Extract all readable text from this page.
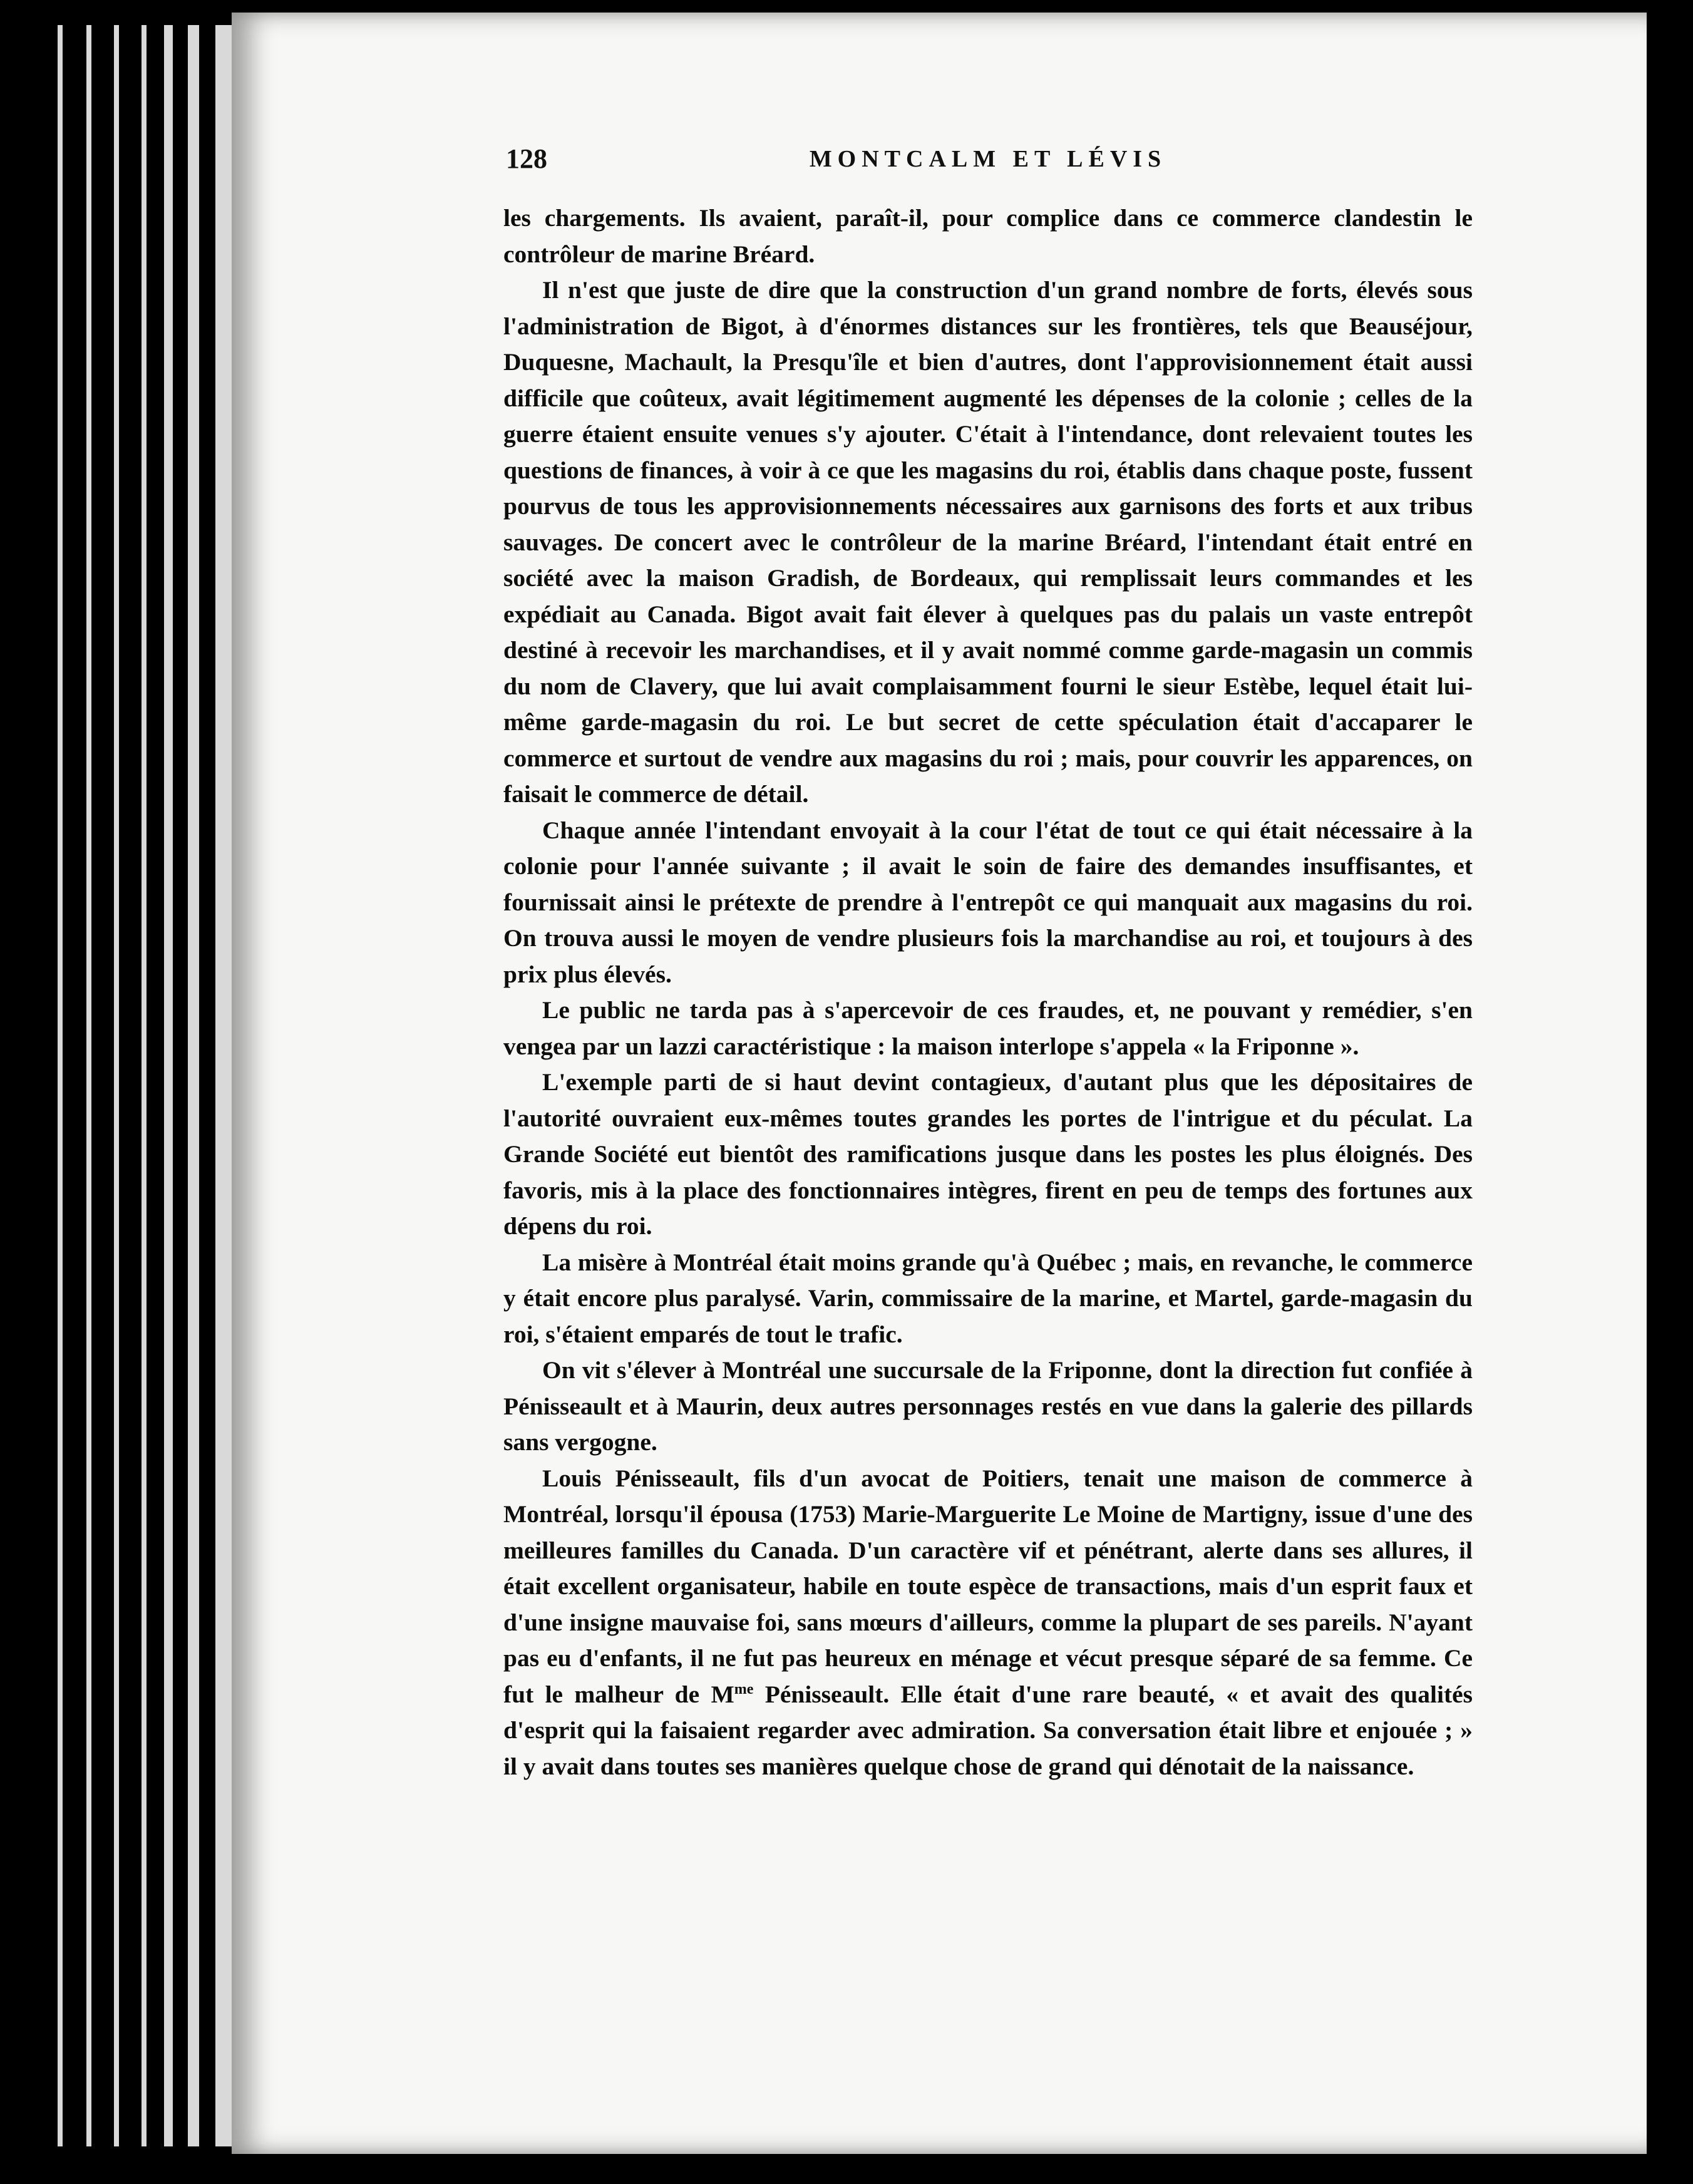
128	MONTCALM ET LÉVIS

les chargements. Ils avaient, paraît-il, pour complice dans ce commerce clandestin le contrôleur de marine Bréard.

Il n'est que juste de dire que la construction d'un grand nombre de forts, élevés sous l'administration de Bigot, à d'énormes distances sur les frontières, tels que Beauséjour, Duquesne, Machault, la Presqu'île et bien d'autres, dont l'approvisionnement était aussi difficile que coûteux, avait légitimement augmenté les dépenses de la colonie ; celles de la guerre étaient ensuite venues s'y ajouter. C'était à l'intendance, dont relevaient toutes les questions de finances, à voir à ce que les magasins du roi, établis dans chaque poste, fussent pourvus de tous les approvisionnements nécessaires aux garnisons des forts et aux tribus sauvages. De concert avec le contrôleur de la marine Bréard, l'intendant était entré en société avec la maison Gradish, de Bordeaux, qui remplissait leurs commandes et les expédiait au Canada. Bigot avait fait élever à quelques pas du palais un vaste entrepôt destiné à recevoir les marchandises, et il y avait nommé comme garde-magasin un commis du nom de Clavery, que lui avait complaisamment fourni le sieur Estèbe, lequel était lui-même garde-magasin du roi. Le but secret de cette spéculation était d'accaparer le commerce et surtout de vendre aux magasins du roi ; mais, pour couvrir les apparences, on faisait le commerce de détail.

Chaque année l'intendant envoyait à la cour l'état de tout ce qui était nécessaire à la colonie pour l'année suivante ; il avait le soin de faire des demandes insuffisantes, et fournissait ainsi le prétexte de prendre à l'entrepôt ce qui manquait aux magasins du roi. On trouva aussi le moyen de vendre plusieurs fois la marchandise au roi, et toujours à des prix plus élevés.

Le public ne tarda pas à s'apercevoir de ces fraudes, et, ne pouvant y remédier, s'en vengea par un lazzi caractéristique : la maison interlope s'appela « la Friponne ».

L'exemple parti de si haut devint contagieux, d'autant plus que les dépositaires de l'autorité ouvraient eux-mêmes toutes grandes les portes de l'intrigue et du péculat. La Grande Société eut bientôt des ramifications jusque dans les postes les plus éloignés. Des favoris, mis à la place des fonctionnaires intègres, firent en peu de temps des fortunes aux dépens du roi.

La misère à Montréal était moins grande qu'à Québec ; mais, en revanche, le commerce y était encore plus paralysé. Varin, commissaire de la marine, et Martel, garde-magasin du roi, s'étaient emparés de tout le trafic.

On vit s'élever à Montréal une succursale de la Friponne, dont la direction fut confiée à Pénisseault et à Maurin, deux autres personnages restés en vue dans la galerie des pillards sans vergogne.

Louis Pénisseault, fils d'un avocat de Poitiers, tenait une maison de commerce à Montréal, lorsqu'il épousa (1753) Marie-Marguerite Le Moine de Martigny, issue d'une des meilleures familles du Canada. D'un caractère vif et pénétrant, alerte dans ses allures, il était excellent organisateur, habile en toute espèce de transactions, mais d'un esprit faux et d'une insigne mauvaise foi, sans mœurs d'ailleurs, comme la plupart de ses pareils. N'ayant pas eu d'enfants, il ne fut pas heureux en ménage et vécut presque séparé de sa femme. Ce fut le malheur de $M^{me}$ Pénisseault. Elle était d'une rare beauté, « et avait des qualités d'esprit qui la faisaient regarder avec admiration. Sa conversation était libre et enjouée ; » il y avait dans toutes ses manières quelque chose de grand qui dénotait de la naissance.
